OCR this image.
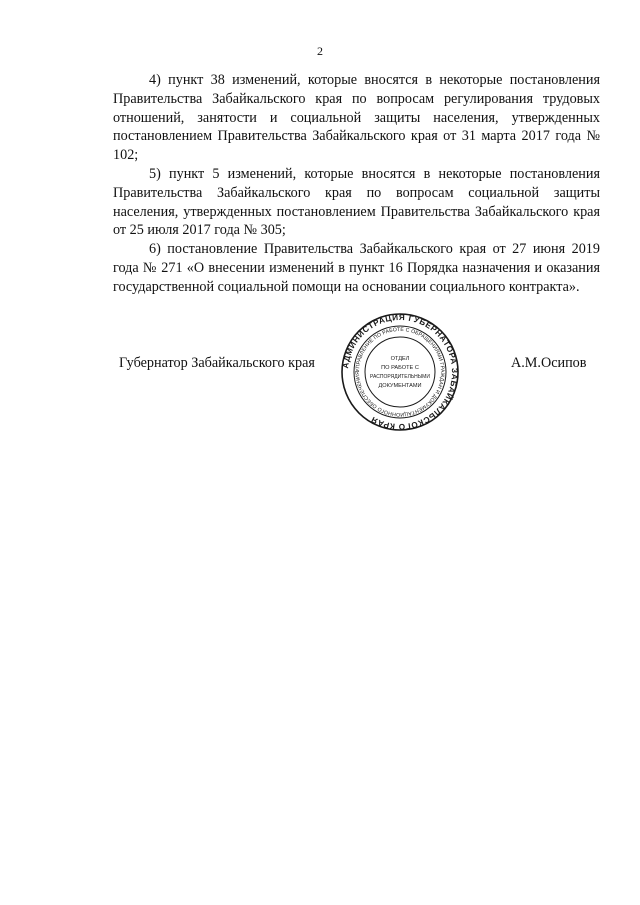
2

4) пункт 38 изменений, которые вносятся в некоторые постановления Правительства Забайкальского края по вопросам регулирования трудовых отношений, занятости и социальной защиты населения, утвержденных постановлением Правительства Забайкальского края от 31 марта 2017 года № 102;

5) пункт 5 изменений, которые вносятся в некоторые постановления Правительства Забайкальского края по вопросам социальной защиты населения, утвержденных постановлением Правительства Забайкальского края от 25 июля 2017 года № 305;

6) постановление Правительства Забайкальского края от 27 июня 2019 года № 271 «О внесении изменений в пункт 16 Порядка назначения и оказания государственной социальной помощи на основании социального контракта».

Губернатор Забайкальского края	А.М.Осипов
АДМИНИСТРАЦИЯ ГУБЕРНАТОРА ЗАБАЙКАЛЬСКОГО КРАЯ
УПРАВЛЕНИЕ ПО РАБОТЕ С ОБРАЩЕНИЯМИ ГРАЖДАН И ДОКУМЕНТАЦИОННОГО ОБЕСПЕЧЕНИЯ
ОТДЕЛ
ПО РАБОТЕ С
РАСПОРЯДИТЕЛЬНЫМИ
ДОКУМЕНТАМИ
